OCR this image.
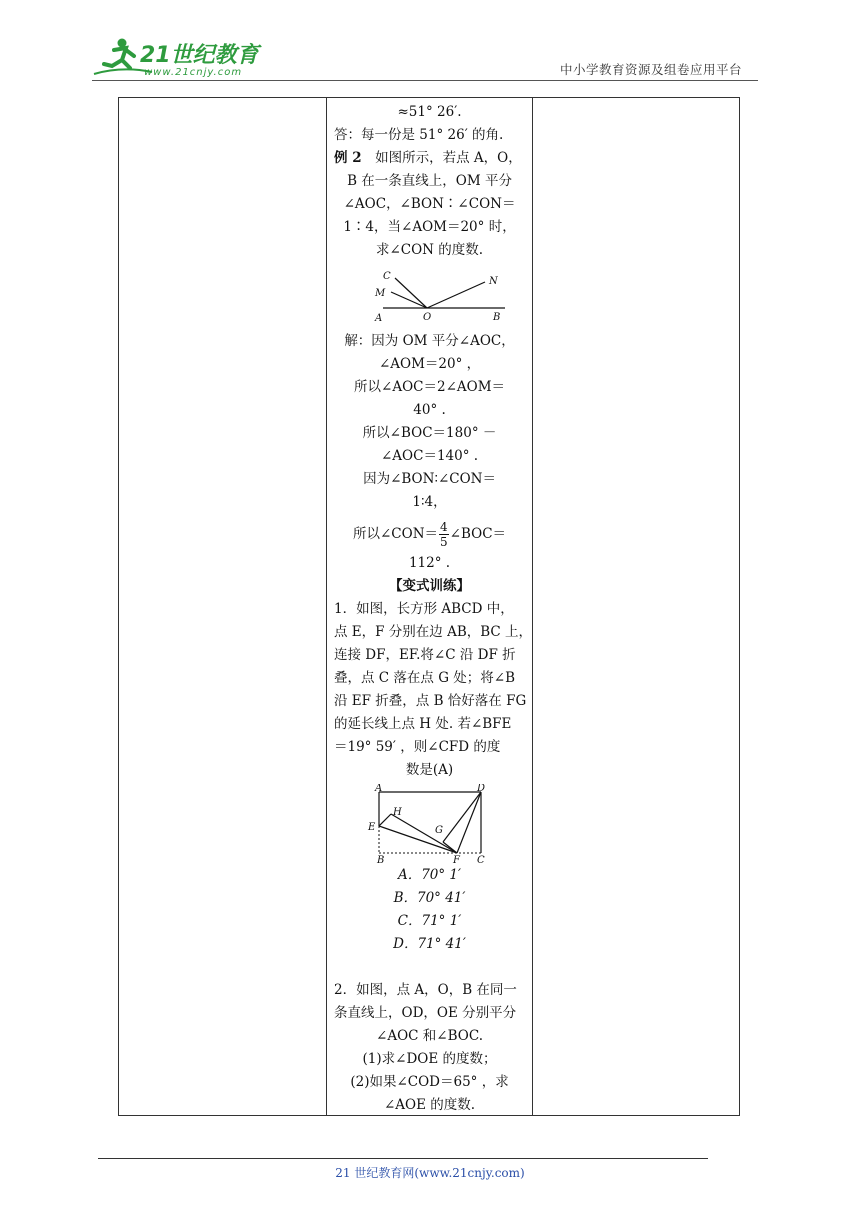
21世纪教育
www.21cnjy.com	中小学教育资源及组卷应用平台

≈51° 26′.
答：每一份是 51° 26′ 的角.
例 2　如图所示，若点 A，O，
B 在一条直线上，OM 平分
∠AOC，∠BON∶∠CON＝
1∶4，当∠AOM＝20° 时，
求∠CON 的度数.
C	N
M
A	O	B
解：因为 OM 平分∠AOC，
∠AOM＝20° ，
所以∠AOC＝2∠AOM＝
40° .
所以∠BOC＝180° －
∠AOC＝140° .
因为∠BON∶∠CON＝
1∶4，
所以∠CON＝ $\frac{4}{5}$ ∠BOC＝
112° .
【变式训练】
1．如图，长方形 ABCD 中，
点 E，F 分别在边 AB，BC 上，
连接 DF，EF.将∠C 沿 DF 折
叠，点 C 落在点 G 处；将∠B
沿 EF 折叠，点 B 恰好落在 FG
的延长线上点 H 处. 若∠BFE
＝19° 59′ ，则∠CFD 的度
数是(A)
A	D
H
E	G
B	F C
A．70° 1′
B．70° 41′
C．71° 1′
D．71° 41′
2．如图，点 A，O，B 在同一
条直线上，OD，OE 分别平分
∠AOC 和∠BOC.
(1)求∠DOE 的度数；
(2)如果∠COD＝65° ，求
∠AOE 的度数.

21 世纪教育网(www.21cnjy.com)
